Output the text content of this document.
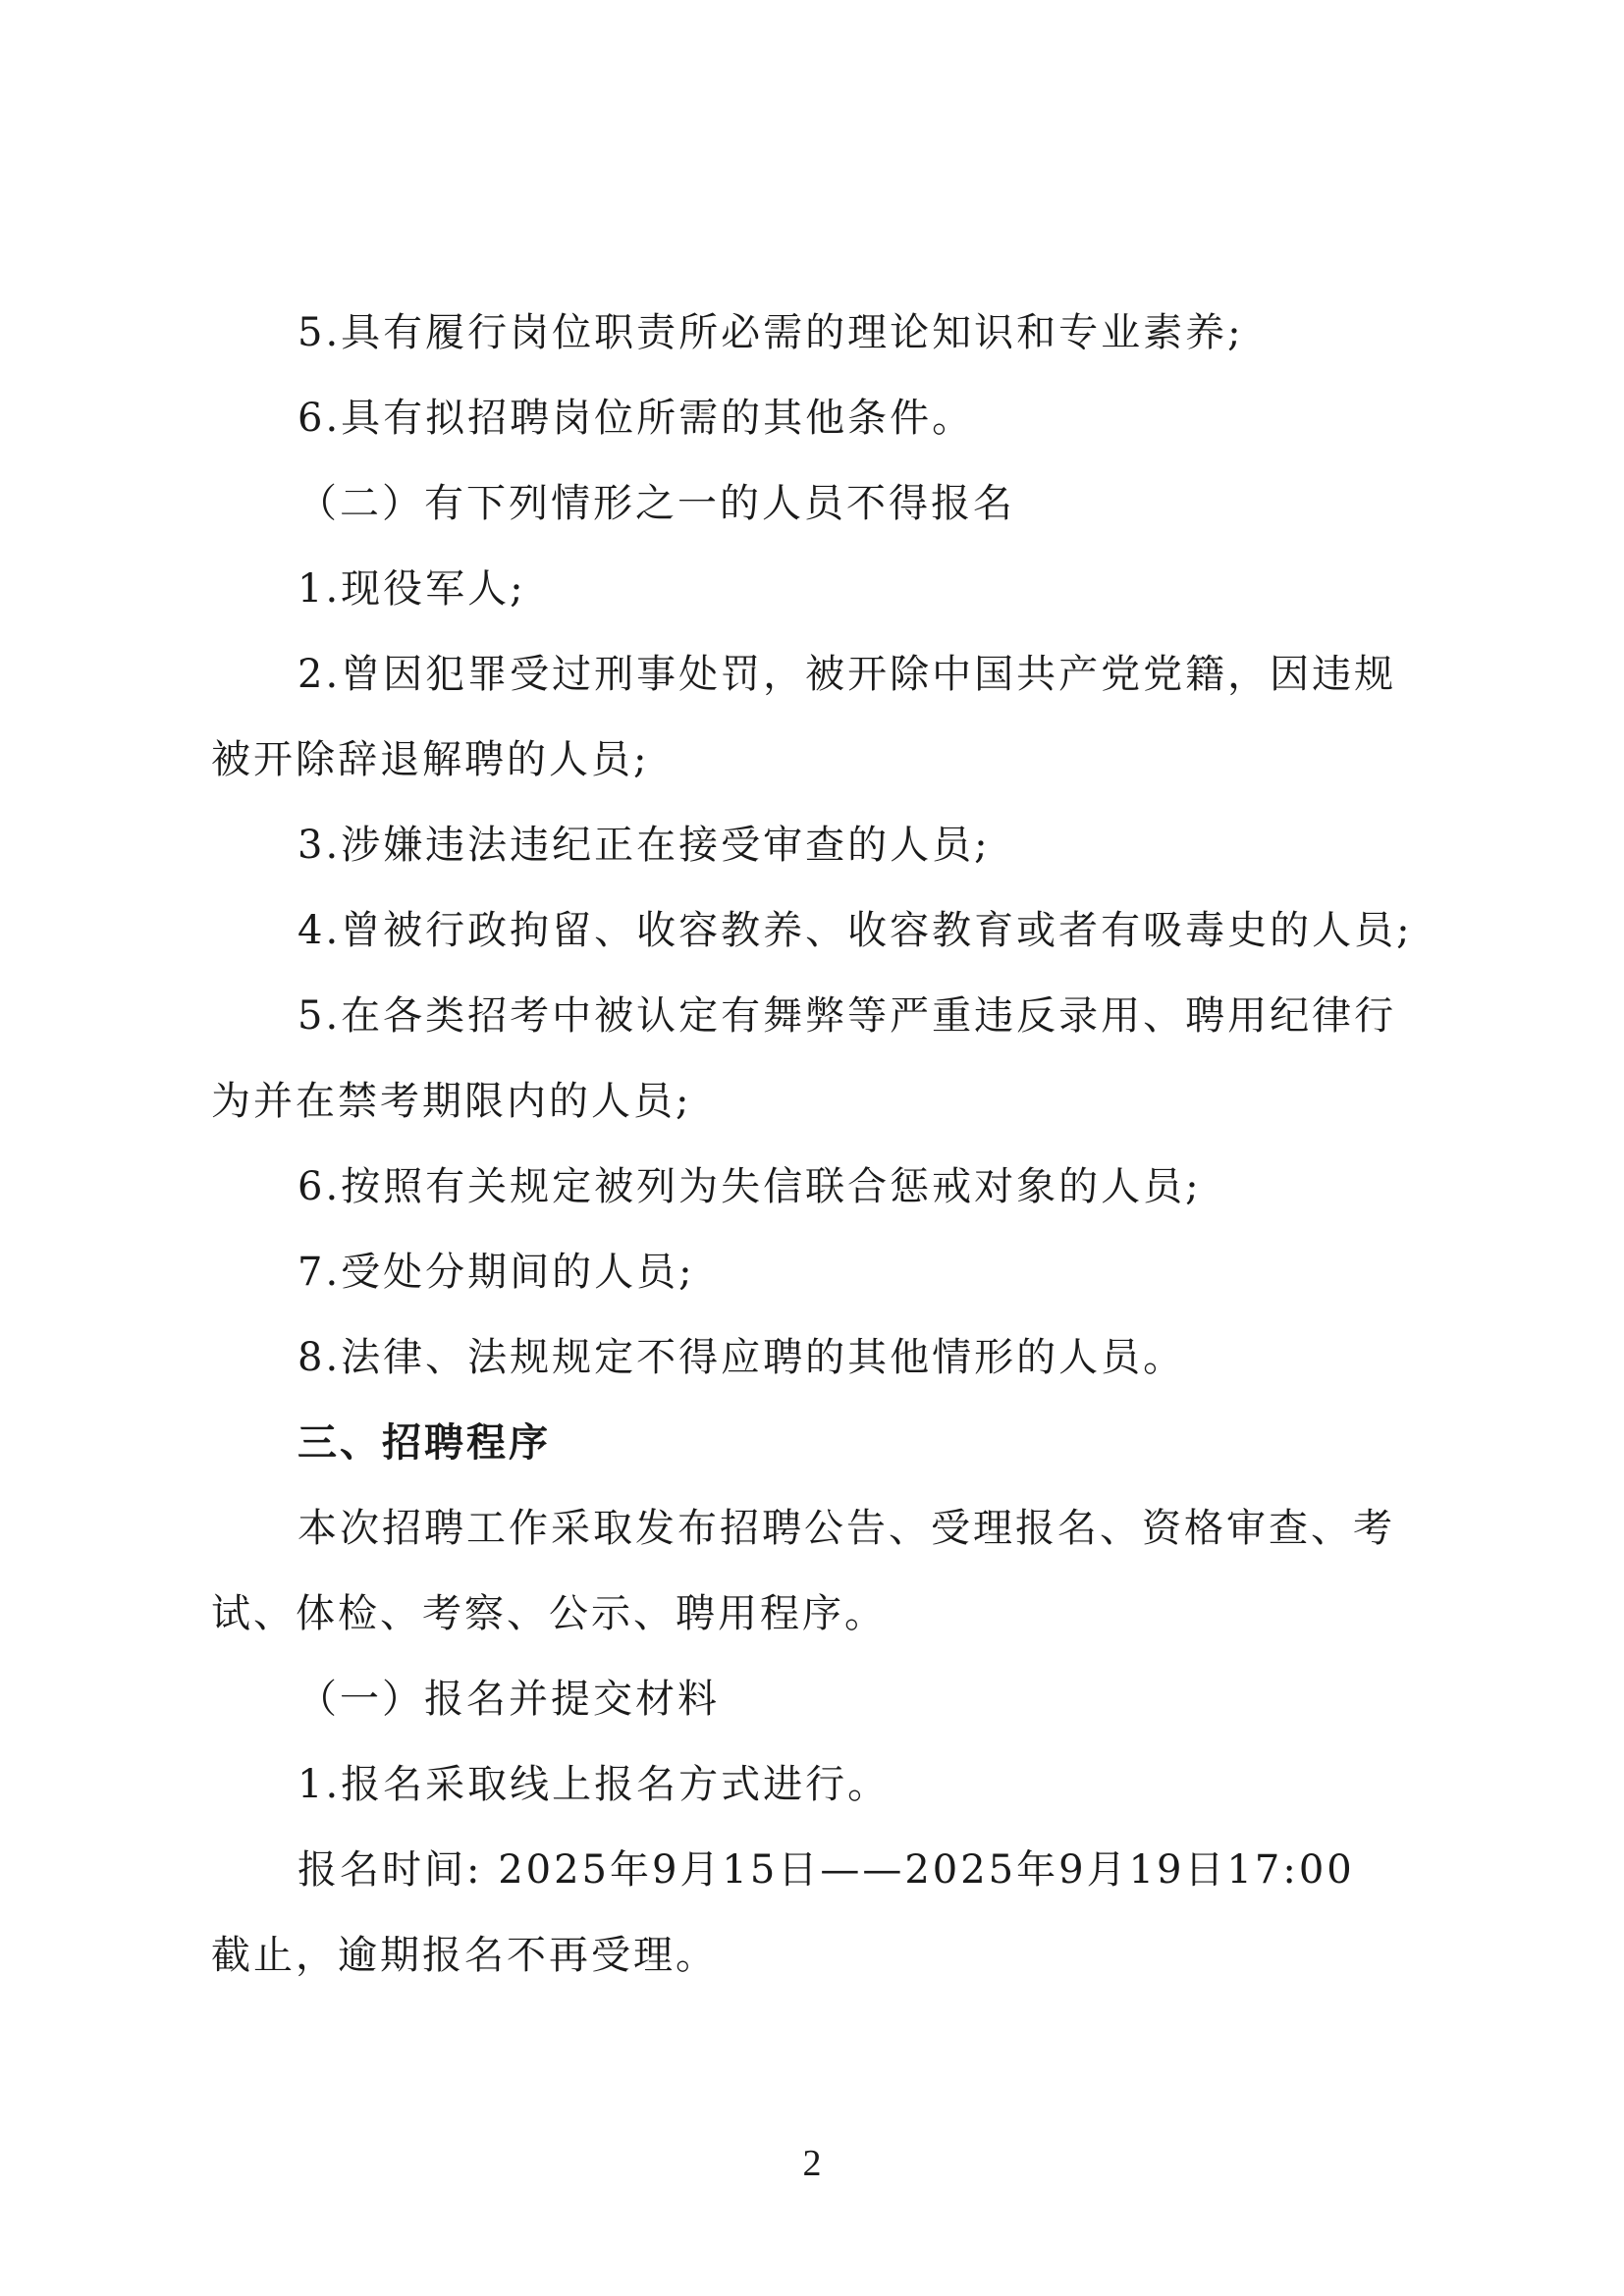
5.具有履行岗位职责所必需的理论知识和专业素养;
6.具有拟招聘岗位所需的其他条件。
（二）有下列情形之一的人员不得报名
1.现役军人;
2.曾因犯罪受过刑事处罚，被开除中国共产党党籍，因违规
被开除辞退解聘的人员;
3.涉嫌违法违纪正在接受审查的人员;
4.曾被行政拘留、收容教养、收容教育或者有吸毒史的人员;
5.在各类招考中被认定有舞弊等严重违反录用、聘用纪律行
为并在禁考期限内的人员;
6.按照有关规定被列为失信联合惩戒对象的人员;
7.受处分期间的人员;
8.法律、法规规定不得应聘的其他情形的人员。
三、招聘程序
本次招聘工作采取发布招聘公告、受理报名、资格审查、考
试、体检、考察、公示、聘用程序。
（一）报名并提交材料
1.报名采取线上报名方式进行。
报名时间: 2025年9月15日——2025年9月19日17:00
截止，逾期报名不再受理。
2
